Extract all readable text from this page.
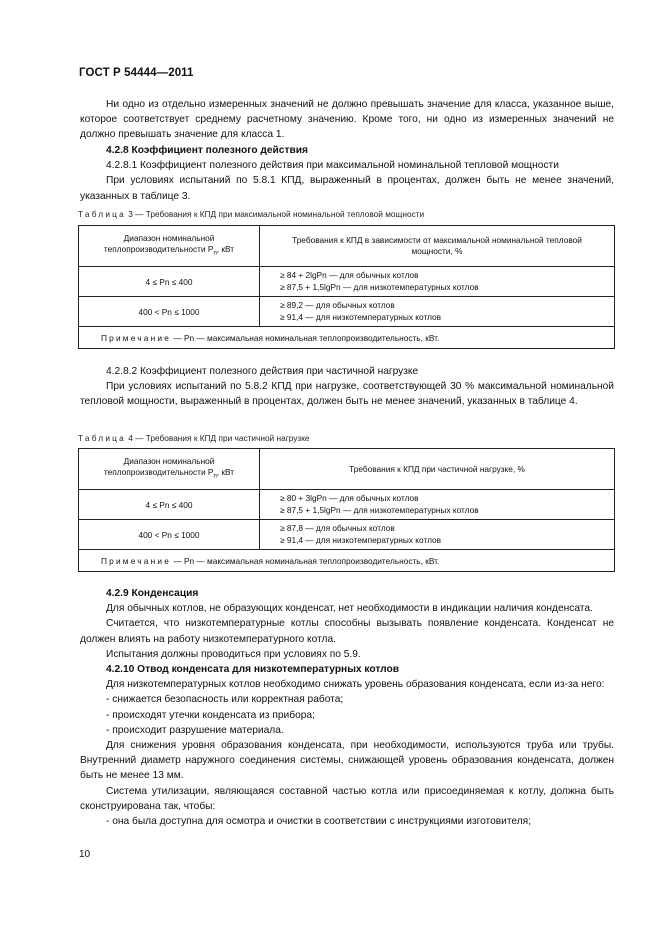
ГОСТ Р 54444—2011

Ни одно из отдельно измеренных значений не должно превышать значение для класса, указанное выше, которое соответствует среднему расчетному значению. Кроме того, ни одно из измеренных значений не должно превышать значение для класса 1.

4.2.8 Коэффициент полезного действия

4.2.8.1 Коэффициент полезного действия при максимальной номинальной тепловой мощности

При условиях испытаний по 5.8.1 КПД, выраженный в процентах, должен быть не менее значений, указанных в таблице 3.

Таблица 3 — Требования к КПД при максимальной номинальной тепловой мощности
Диапазон номинальной
теплопроизводительности $P_n$, кВт	Требования к КПД в зависимости от максимальной номинальной тепловой мощности, %
4 ≤ Pn ≤ 400	≥ 84 + 2lgPn — для обычных котлов
≥ 87,5 + 1,5lgPn — для низкотемпературных котлов

400 < Pn ≤ 1000	≥ 89,2 — для обычных котлов
≥ 91,4 — для низкотемпературных котлов

Примечание — Pn — максимальная номинальная теплопроизводительность, кВт.	

4.2.8.2 Коэффициент полезного действия при частичной нагрузке

При условиях испытаний по 5.8.2 КПД при нагрузке, соответствующей 30 % максимальной номинальной тепловой мощности, выраженный в процентах, должен быть не менее значений, указанных в таблице 4.

Таблица 4 — Требования к КПД при частичной нагрузке
Диапазон номинальной
теплопроизводительности $P_n$, кВт	Требования к КПД при частичной нагрузке, %
4 ≤ Pn ≤ 400	≥ 80 + 3lgPn — для обычных котлов
≥ 87,5 + 1,5lgPn — для низкотемпературных котлов

400 < Pn ≤ 1000	≥ 87,8 — для обычных котлов
≥ 91,4 — для низкотемпературных котлов

Примечание — Pn — максимальная номинальная теплопроизводительность, кВт.	

4.2.9 Конденсация

Для обычных котлов, не образующих конденсат, нет необходимости в индикации наличия конденсата.

Считается, что низкотемпературные котлы способны вызывать появление конденсата. Конденсат не должен влиять на работу низкотемпературного котла.

Испытания должны проводиться при условиях по 5.9.

4.2.10 Отвод конденсата для низкотемпературных котлов

Для низкотемпературных котлов необходимо снижать уровень образования конденсата, если из-за него:

- снижается безопасность или корректная работа;

- происходят утечки конденсата из прибора;

- происходит разрушение материала.

Для снижения уровня образования конденсата, при необходимости, используются труба или трубы. Внутренний диаметр наружного соединения системы, снижающей уровень образования конденсата, должен быть не менее 13 мм.

Система утилизации, являющаяся составной частью котла или присоединяемая к котлу, должна быть сконструирована так, чтобы:

- она была доступна для осмотра и очистки в соответствии с инструкциями изготовителя;

10
